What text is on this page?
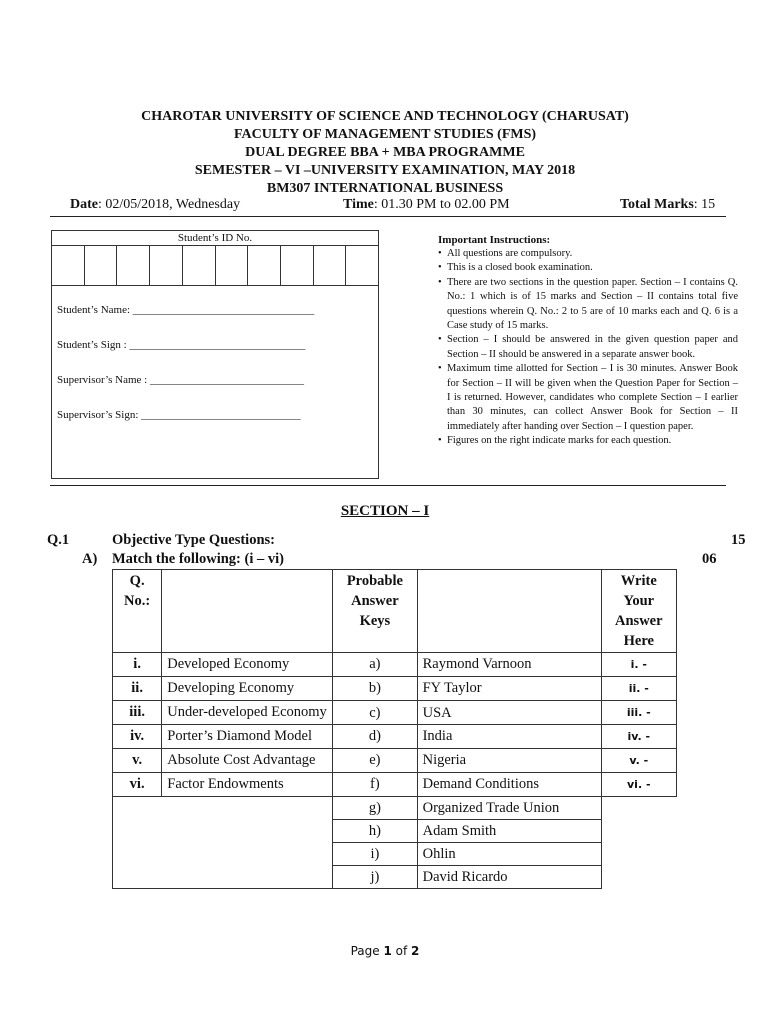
CHAROTAR UNIVERSITY OF SCIENCE AND TECHNOLOGY (CHARUSAT)
FACULTY OF MANAGEMENT STUDIES (FMS)
DUAL DEGREE BBA + MBA PROGRAMME
SEMESTER – VI –UNIVERSITY EXAMINATION, MAY 2018
BM307 INTERNATIONAL BUSINESS
Date: 02/05/2018, Wednesday	Time: 01.30 PM to 02.00 PM	Total Marks: 15
Student’s ID No.
Student’s Name: _________________________________
Student’s Sign : ________________________________
Supervisor’s Name : ____________________________
Supervisor’s Sign: _____________________________
Important Instructions:
• All questions are compulsory.
• This is a closed book examination.
• There are two sections in the question paper. Section – I contains Q. No.: 1 which is of 15 marks and Section – II contains total five questions wherein Q. No.: 2 to 5 are of 10 marks each and Q. 6 is a Case study of 15 marks.
• Section – I should be answered in the given question paper and Section – II should be answered in a separate answer book.
• Maximum time allotted for Section – I is 30 minutes. Answer Book for Section – II will be given when the Question Paper for Section – I is returned. However, candidates who complete Section – I earlier than 30 minutes, can collect Answer Book for Section – II immediately after handing over Section – I question paper.
• Figures on the right indicate marks for each question.
SECTION – I
Q.1	Objective Type Questions:	15
A) Match the following: (i – vi)	06
Q. No.:		Probable Answer Keys		Write Your Answer Here
i.	Developed Economy	a)	Raymond Varnoon	i. -
ii.	Developing Economy	b)	FY Taylor	ii. -
iii.	Under-developed Economy	c)	USA	iii. -
iv.	Porter’s Diamond Model	d)	India	iv. -
v.	Absolute Cost Advantage	e)	Nigeria	v. -
vi.	Factor Endowments	f)	Demand Conditions	vi. -
		g)	Organized Trade Union	
		h)	Adam Smith	
		i)	Ohlin	
		j)	David Ricardo	
Page 1 of 2
